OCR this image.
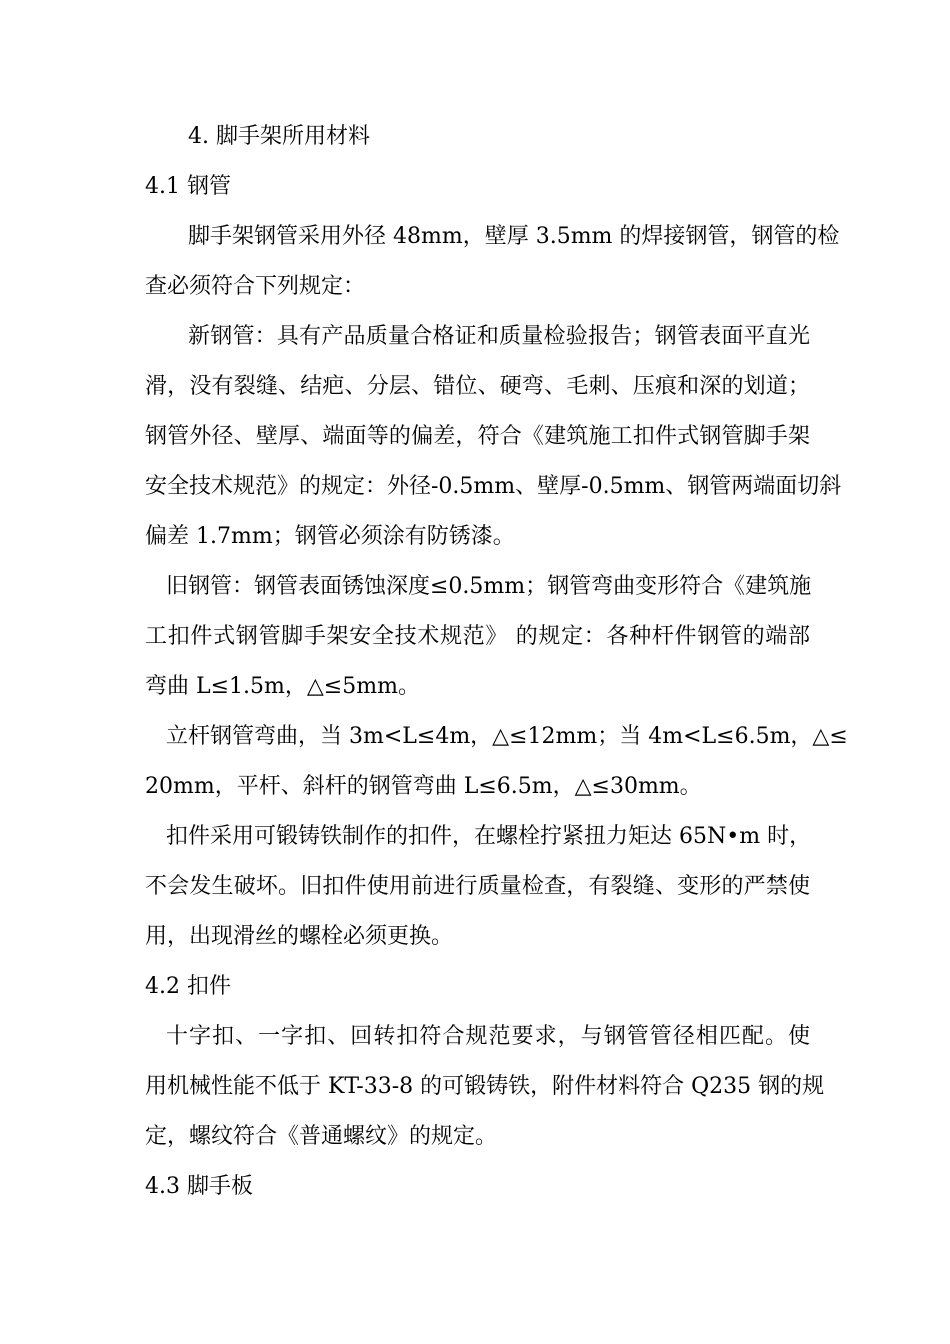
4. 脚手架所用材料
4.1 钢管
脚手架钢管采用外径 48mm，壁厚 3.5mm 的焊接钢管，钢管的检
查必须符合下列规定：
新钢管：具有产品质量合格证和质量检验报告；钢管表面平直光
滑，没有裂缝、结疤、分层、错位、硬弯、毛刺、压痕和深的划道；
钢管外径、壁厚、端面等的偏差，符合《建筑施工扣件式钢管脚手架
安全技术规范》的规定：外径-0.5mm、壁厚-0.5mm、钢管两端面切斜
偏差 1.7mm；钢管必须涂有防锈漆。
旧钢管：钢管表面锈蚀深度≤0.5mm；钢管弯曲变形符合《建筑施
工扣件式钢管脚手架安全技术规范》 的规定：各种杆件钢管的端部
弯曲 L≤1.5m，△≤5mm。
立杆钢管弯曲，当 3m<L≤4m，△≤12mm；当 4m<L≤6.5m，△≤
20mm，平杆、斜杆的钢管弯曲 L≤6.5m，△≤30mm。
扣件采用可锻铸铁制作的扣件，在螺栓拧紧扭力矩达 65N•m 时，
不会发生破坏。旧扣件使用前进行质量检查，有裂缝、变形的严禁使
用，出现滑丝的螺栓必须更换。
4.2 扣件
十字扣、一字扣、回转扣符合规范要求，与钢管管径相匹配。使
用机械性能不低于 KT-33-8 的可锻铸铁，附件材料符合 Q235 钢的规
定，螺纹符合《普通螺纹》的规定。
4.3 脚手板
